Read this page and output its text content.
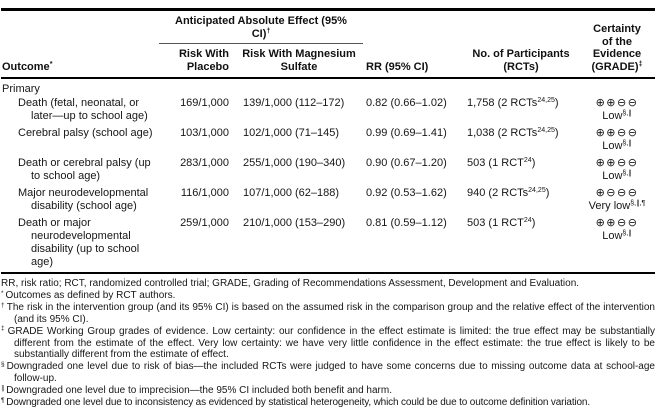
Outcome*	Anticipated Absolute Effect (95% CI)†		RR (95% CI)	No. of Participants (RCTs)	Certainty of the Evidence (GRADE)‡
	Risk With Placebo	Risk With Magnesium Sulfate			
Primary					
Death (fetal, neonatal, or later—up to school age)	169/1,000	139/1,000 (112–172)	0.82 (0.66–1.02)	1,758 (2 RCTs$^{24,25}$)	⊕⊕⊖⊖
Low§,∥

Cerebral palsy (school age)	103/1,000	102/1,000 (71–145)	0.99 (0.69–1.41)	1,038 (2 RCTs$^{24,25}$)	⊕⊕⊖⊖
Low§,∥

Death or cerebral palsy (up to school age)	283/1,000	255/1,000 (190–340)	0.90 (0.67–1.20)	503 (1 RCT$^{24}$)	⊕⊕⊖⊖
Low§,∥

Major neurodevelopmental disability (school age)	116/1,000	107/1,000 (62–188)	0.92 (0.53–1.62)	940 (2 RCTs$^{24,25}$)	⊕⊖⊖⊖
Very low§,∥,¶

Death or major neurodevelopmental disability (up to school age)	259/1,000	210/1,000 (153–290)	0.81 (0.59–1.12)	503 (1 RCT$^{24}$)	⊕⊕⊖⊖
Low§,∥
RR, risk ratio; RCT, randomized controlled trial; GRADE, Grading of Recommendations Assessment, Development and Evaluation.
* Outcomes as defined by RCT authors.
† The risk in the intervention group (and its 95% CI) is based on the assumed risk in the comparison group and the relative effect of the intervention (and its 95% CI).
‡ GRADE Working Group grades of evidence. Low certainty: our confidence in the effect estimate is limited: the true effect may be substantially different from the estimate of the effect. Very low certainty: we have very little confidence in the effect estimate: the true effect is likely to be substantially different from the estimate of effect.
§ Downgraded one level due to risk of bias—the included RCTs were judged to have some concerns due to missing outcome data at school-age follow-up.
∥ Downgraded one level due to imprecision—the 95% CI included both benefit and harm.
¶ Downgraded one level due to inconsistency as evidenced by statistical heterogeneity, which could be due to outcome definition variation.
